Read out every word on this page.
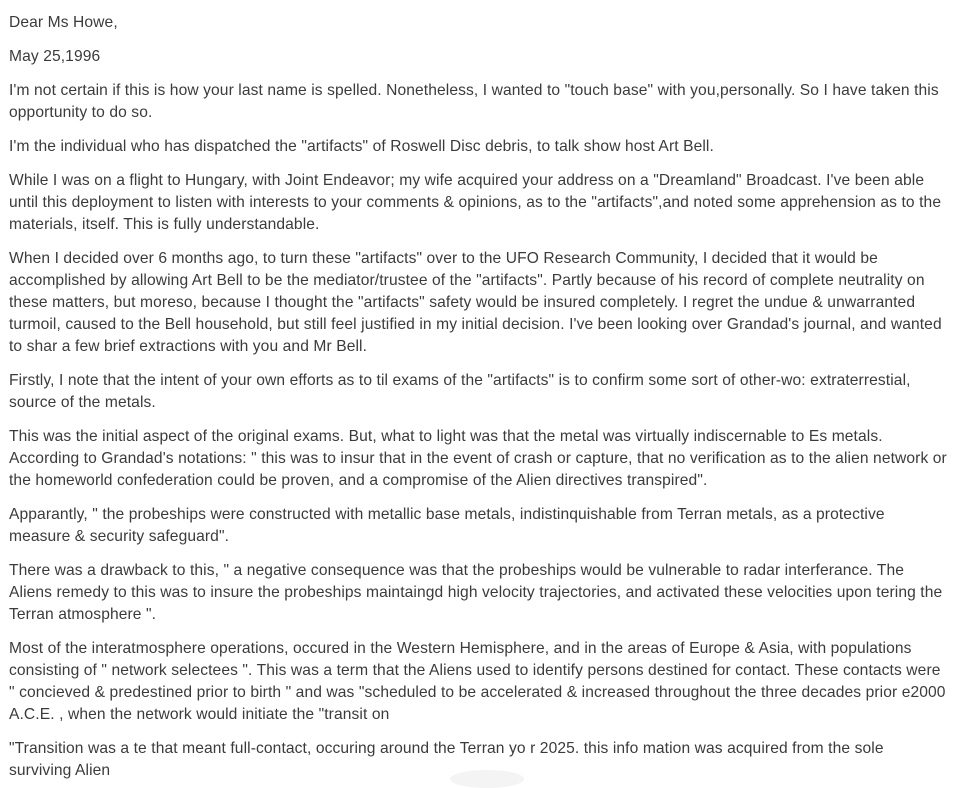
Dear Ms Howe,

May 25,1996

I'm not certain if this is how your last name is spelled. Nonetheless, I wanted to "touch base" with you,personally. So I have taken this opportunity to do so.

I'm the individual who has dispatched the "artifacts" of Roswell Disc debris, to talk show host Art Bell.

While I was on a flight to Hungary, with Joint Endeavor; my wife acquired your address on a "Dreamland" Broadcast. I've been able until this deployment to listen with interests to your comments & opinions, as to the "artifacts",and noted some apprehension as to the materials, itself. This is fully understandable.

When I decided over 6 months ago, to turn these "artifacts" over to the UFO Research Community, I decided that it would be accomplished by allowing Art Bell to be the mediator/trustee of the "artifacts". Partly because of his record of complete neutrality on these matters, but moreso, because I thought the "artifacts" safety would be insured completely. I regret the undue & unwarranted turmoil, caused to the Bell household, but still feel justified in my initial decision. I've been looking over Grandad's journal, and wanted to shar a few brief extractions with you and Mr Bell.

Firstly, I note that the intent of your own efforts as to til exams of the "artifacts" is to confirm some sort of other-wo: extraterrestial, source of the metals.

This was the initial aspect of the original exams. But, what to light was that the metal was virtually indiscernable to Es metals. According to Grandad's notations: " this was to insur that in the event of crash or capture, that no verification as to the alien network or the homeworld confederation could be proven, and a compromise of the Alien directives transpired".

Apparantly, " the probeships were constructed with metallic base metals, indistinquishable from Terran metals, as a protective measure & security safeguard".

There was a drawback to this, " a negative consequence was that the probeships would be vulnerable to radar interferance. The Aliens remedy to this was to insure the probeships maintaingd high velocity trajectories, and activated these velocities upon tering the Terran atmosphere ".

Most of the interatmosphere operations, occured in the Western Hemisphere, and in the areas of Europe & Asia, with populations consisting of " network selectees ". This was a term that the Aliens used to identify persons destined for contact. These contacts were " concieved & predestined prior to birth " and was "scheduled to be accelerated & increased throughout the three decades prior e2000 A.C.E. , when the network would initiate the "transit on

"Transition was a te that meant full-contact, occuring around the Terran yo r 2025. this info mation was acquired from the sole surviving Alien
